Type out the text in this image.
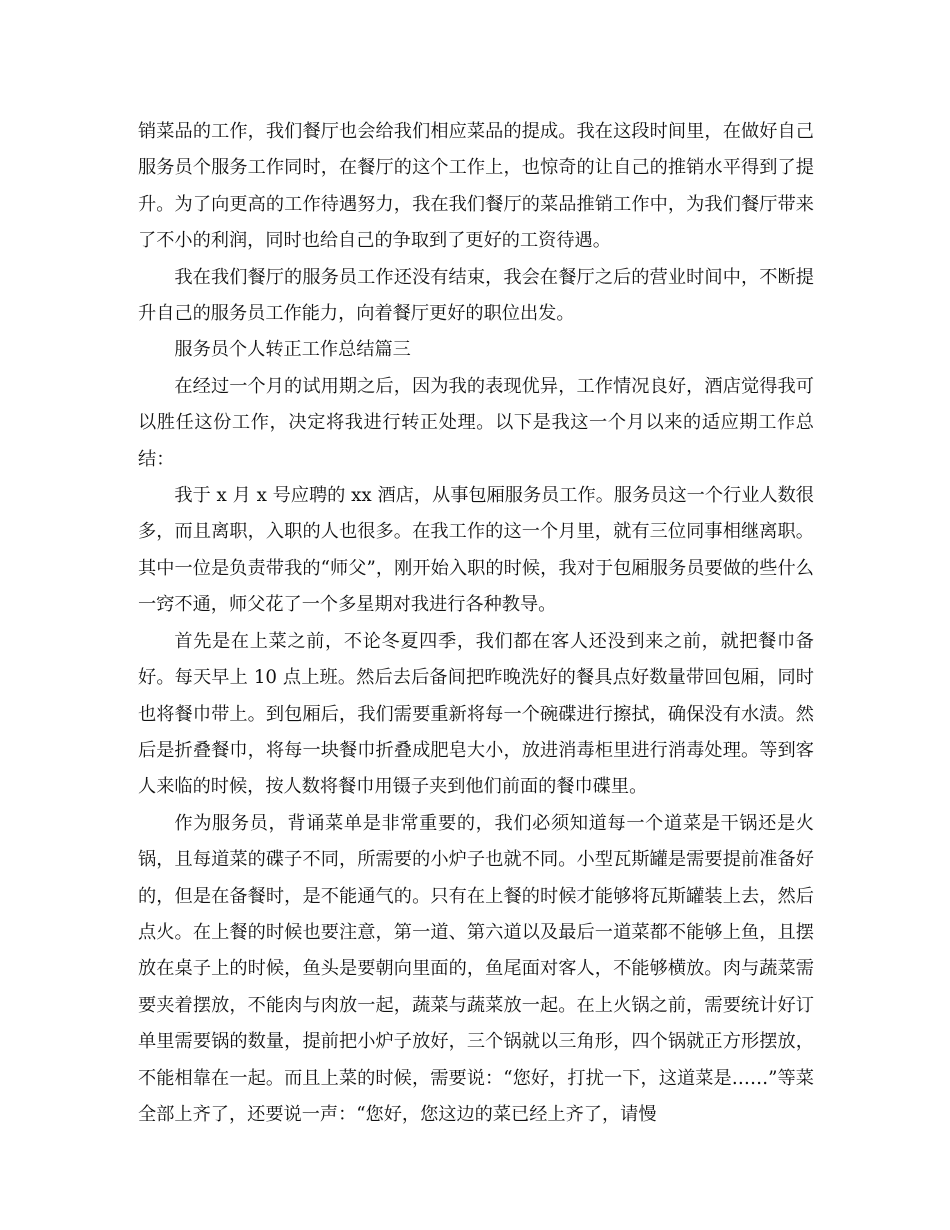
销菜品的工作，我们餐厅也会给我们相应菜品的提成。我在这段时间里，在做好自己服务员个服务工作同时，在餐厅的这个工作上，也惊奇的让自己的推销水平得到了提升。为了向更高的工作待遇努力，我在我们餐厅的菜品推销工作中，为我们餐厅带来了不小的利润，同时也给自己的争取到了更好的工资待遇。

我在我们餐厅的服务员工作还没有结束，我会在餐厅之后的营业时间中，不断提升自己的服务员工作能力，向着餐厅更好的职位出发。

服务员个人转正工作总结篇三

在经过一个月的试用期之后，因为我的表现优异，工作情况良好，酒店觉得我可以胜任这份工作，决定将我进行转正处理。以下是我这一个月以来的适应期工作总结：

我于 x 月 x 号应聘的 xx 酒店，从事包厢服务员工作。服务员这一个行业人数很多，而且离职，入职的人也很多。在我工作的这一个月里，就有三位同事相继离职。其中一位是负责带我的“师父”，刚开始入职的时候，我对于包厢服务员要做的些什么一窍不通，师父花了一个多星期对我进行各种教导。

首先是在上菜之前，不论冬夏四季，我们都在客人还没到来之前，就把餐巾备好。每天早上 10 点上班。然后去后备间把昨晚洗好的餐具点好数量带回包厢，同时也将餐巾带上。到包厢后，我们需要重新将每一个碗碟进行擦拭，确保没有水渍。然后是折叠餐巾，将每一块餐巾折叠成肥皂大小，放进消毒柜里进行消毒处理。等到客人来临的时候，按人数将餐巾用镊子夹到他们前面的餐巾碟里。

作为服务员，背诵菜单是非常重要的，我们必须知道每一个道菜是干锅还是火锅，且每道菜的碟子不同，所需要的小炉子也就不同。小型瓦斯罐是需要提前准备好的，但是在备餐时，是不能通气的。只有在上餐的时候才能够将瓦斯罐装上去，然后点火。在上餐的时候也要注意，第一道、第六道以及最后一道菜都不能够上鱼，且摆放在桌子上的时候，鱼头是要朝向里面的，鱼尾面对客人，不能够横放。肉与蔬菜需要夹着摆放，不能肉与肉放一起，蔬菜与蔬菜放一起。在上火锅之前，需要统计好订单里需要锅的数量，提前把小炉子放好，三个锅就以三角形，四个锅就正方形摆放，不能相靠在一起。而且上菜的时候，需要说：“您好，打扰一下，这道菜是……”等菜全部上齐了，还要说一声：“您好，您这边的菜已经上齐了，请慢
